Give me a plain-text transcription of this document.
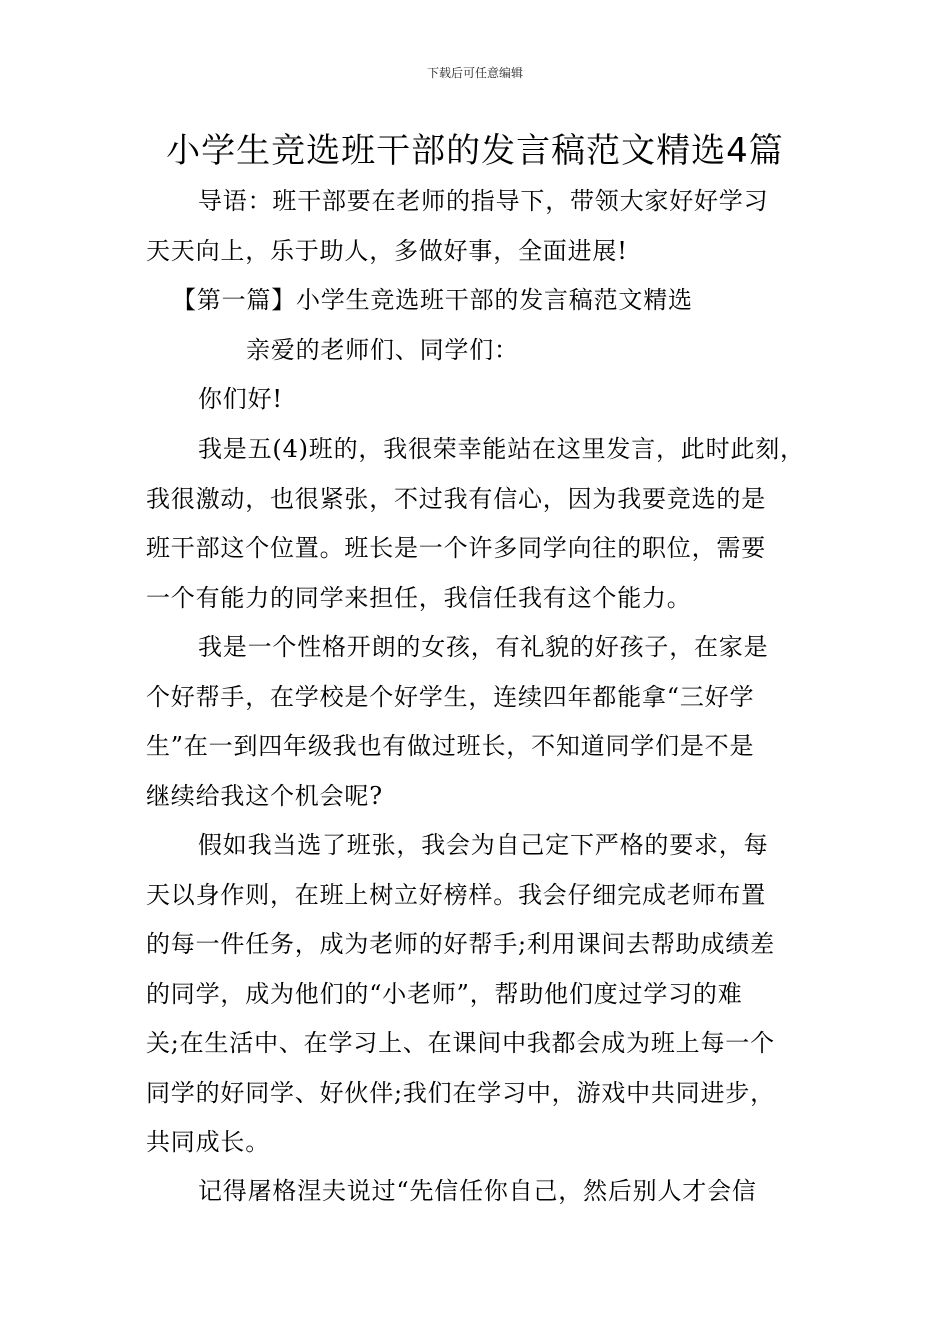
下载后可任意编辑
小学生竞选班干部的发言稿范文精选4篇
导语：班干部要在老师的指导下，带领大家好好学习
天天向上，乐于助人，多做好事，全面进展!
【第一篇】小学生竞选班干部的发言稿范文精选
亲爱的老师们、同学们：
你们好!
我是五(4)班的，我很荣幸能站在这里发言，此时此刻，
我很激动，也很紧张，不过我有信心，因为我要竞选的是
班干部这个位置。班长是一个许多同学向往的职位，需要
一个有能力的同学来担任，我信任我有这个能力。
我是一个性格开朗的女孩，有礼貌的好孩子，在家是
个好帮手，在学校是个好学生，连续四年都能拿“三好学
生”在一到四年级我也有做过班长，不知道同学们是不是
继续给我这个机会呢?
假如我当选了班张，我会为自己定下严格的要求，每
天以身作则，在班上树立好榜样。我会仔细完成老师布置
的每一件任务，成为老师的好帮手;利用课间去帮助成绩差
的同学，成为他们的“小老师”，帮助他们度过学习的难
关;在生活中、在学习上、在课间中我都会成为班上每一个
同学的好同学、好伙伴;我们在学习中，游戏中共同进步，
共同成长。
记得屠格涅夫说过“先信任你自己，然后别人才会信
